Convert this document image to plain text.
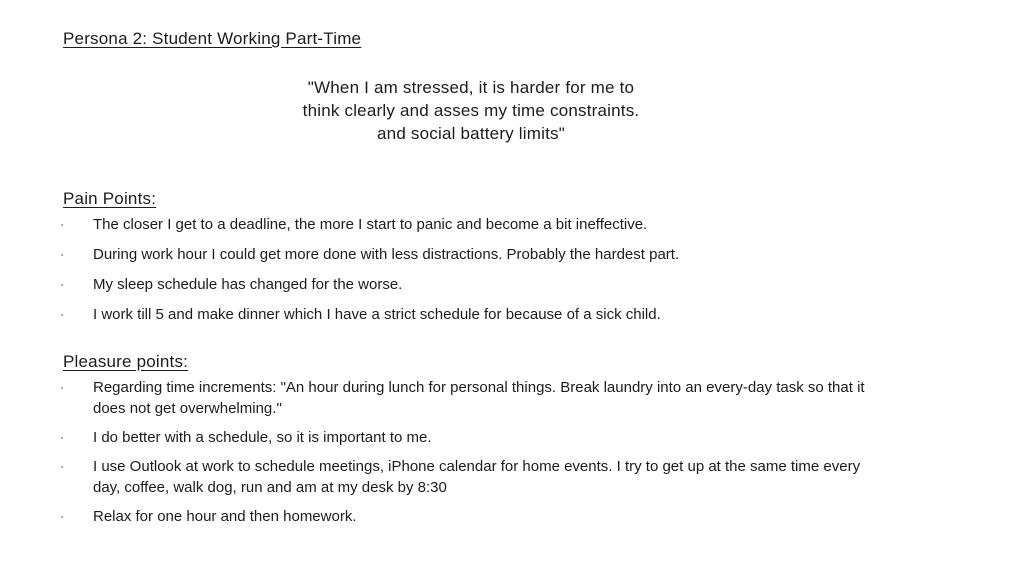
Persona 2: Student Working Part-Time
"When I am stressed, it is harder for me to
think clearly and asses my time constraints.
and social battery limits"
Pain Points:
The closer I get to a deadline, the more I start to panic and become a bit ineffective.
During work hour I could get more done with less distractions. Probably the hardest part.
My sleep schedule has changed for the worse.
I work till 5 and make dinner which I have a strict schedule for because of a sick child.
Pleasure points:
Regarding time increments: "An hour during lunch for personal things. Break laundry into an every-day task so that it does not get overwhelming."
I do better with a schedule, so it is important to me.
I use Outlook at work to schedule meetings, iPhone calendar for home events. I try to get up at the same time every day, coffee, walk dog, run and am at my desk by 8:30
Relax for one hour and then homework.
